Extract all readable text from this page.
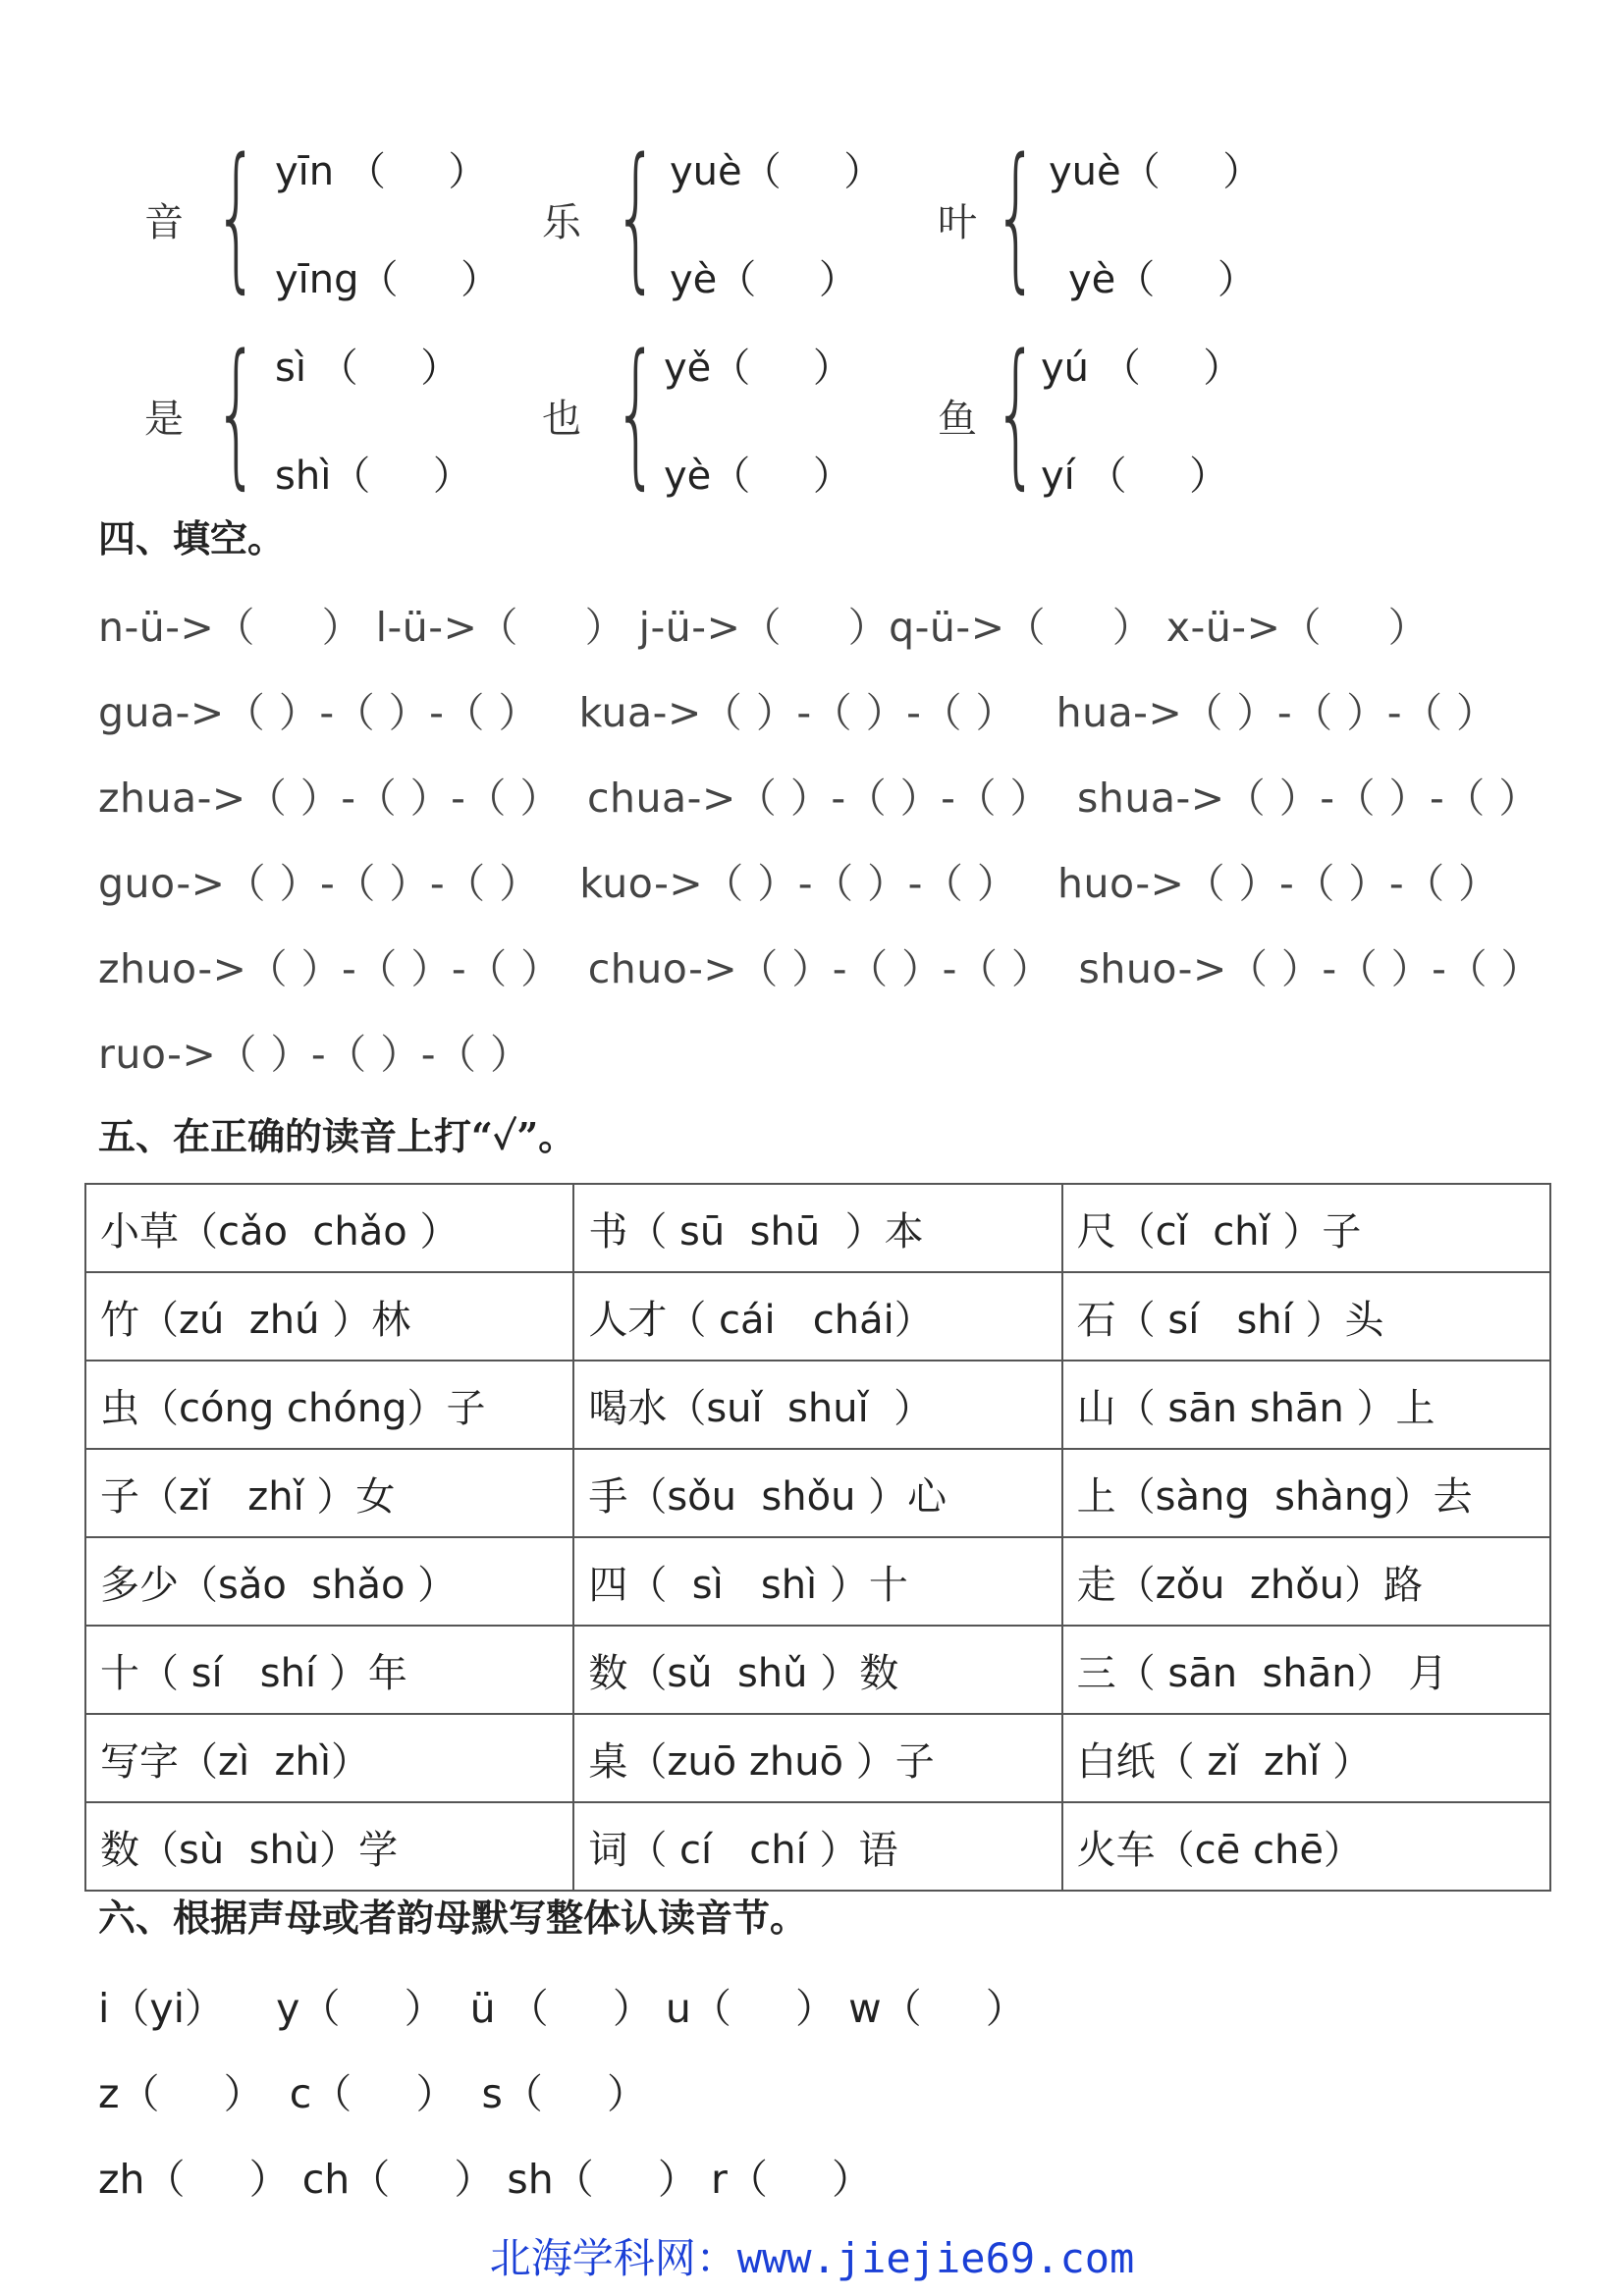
音 { yīn （     ）
yīng（     ）
乐 { yuè（     ）
yè（     ）
叶 { yuè（     ）
yè（     ）
是 { sì （     ）
shì（     ）
也 { yě（     ）
yè（     ）
鱼 { yú （     ）
yí （     ）
四、填空。
n-ü->（     ） l-ü->（     ） j-ü->（     ）q-ü->（     ） x-ü->（     ）
gua->（ ）-（ ）-（ ）   kua->（ ）-（ ）-（ ）   hua->（ ）-（ ）-（ ）
zhua->（ ）-（ ）-（ ）  chua->（ ）-（ ）-（ ）  shua->（ ）-（ ）-（ ）
guo->（ ）-（ ）-（ ）   kuo->（ ）-（ ）-（ ）   huo->（ ）-（ ）-（ ）
zhuo->（ ）-（ ）-（ ）  chuo->（ ）-（ ）-（ ）  shuo->（ ）-（ ）-（ ）
ruo->（ ）-（ ）-（ ）
五、在正确的读音上打“✓”。
小草（cǎo  chǎo ）	书（ sū  shū  ）本	尺（cǐ  chǐ ）子
竹（zú  zhú ）林	人才（ cái   chái）	石（ sí   shí ）头
虫（cóng chóng）子	喝水（suǐ  shuǐ  ）	山（ sān shān ）上
子（zǐ   zhǐ ）女	手（sǒu  shǒu ）心	上（sàng  shàng）去
多少（sǎo  shǎo ）	四（  sì   shì ）十	走（zǒu  zhǒu）路
十（ sí   shí ）年	数（sǔ  shǔ ）数	三（ sān  shān） 月
写字（zì  zhì）	桌（zuō zhuō ）子	白纸（ zǐ  zhǐ ）
数（sù  shù）学	词（ cí   chí ）语	火车（cē chē）
六、根据声母或者韵母默写整体认读音节。
i（yi）    y（     ）  ü （     ） u（     ） w（     ）
z（     ）  c（     ）  s（     ）
zh（     ） ch（     ） sh（     ） r（     ）
北海学科网：www.jiejie69.com
